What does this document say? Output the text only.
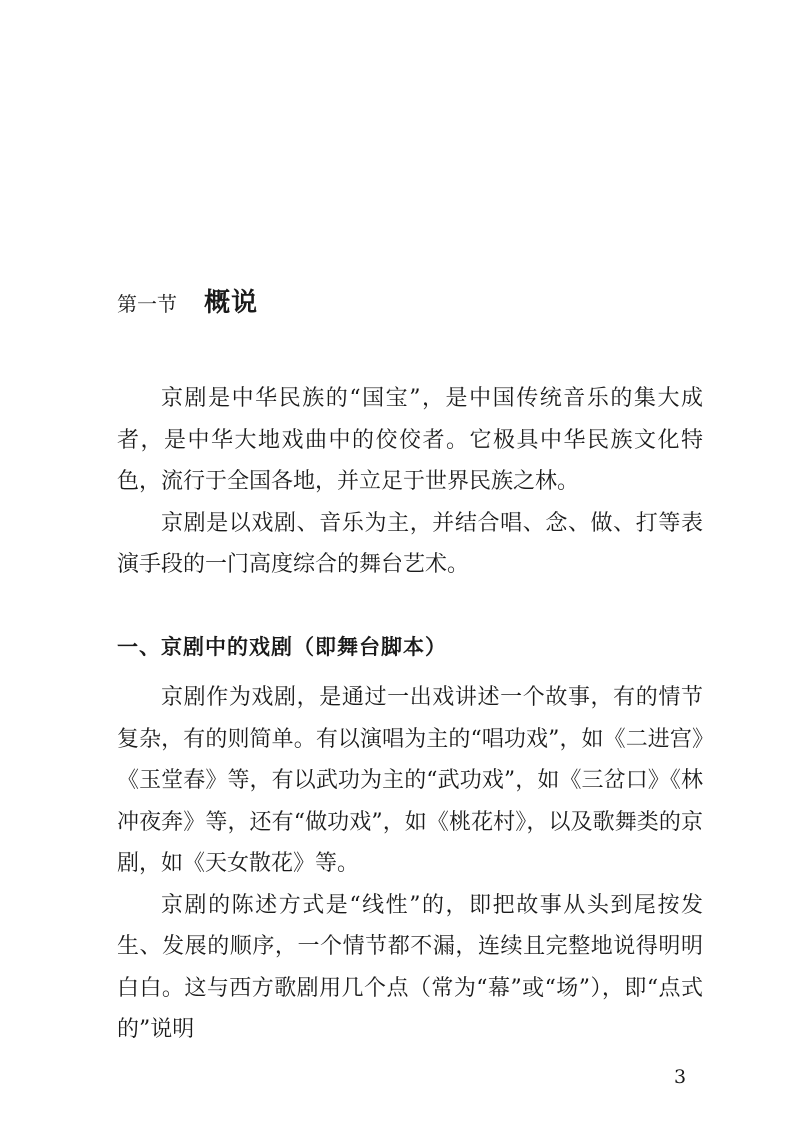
第一节 概说

京剧是中华民族的“国宝”，是中国传统音乐的集大成者，是中华大地戏曲中的佼佼者。它极具中华民族文化特色，流行于全国各地，并立足于世界民族之林。

京剧是以戏剧、音乐为主，并结合唱、念、做、打等表演手段的一门高度综合的舞台艺术。

一、京剧中的戏剧（即舞台脚本）

京剧作为戏剧，是通过一出戏讲述一个故事，有的情节复杂，有的则简单。有以演唱为主的“唱功戏”，如《二进宫》《玉堂春》等，有以武功为主的“武功戏”，如《三岔口》《林冲夜奔》等，还有“做功戏”，如《桃花村》，以及歌舞类的京剧，如《天女散花》等。

京剧的陈述方式是“线性”的，即把故事从头到尾按发生、发展的顺序，一个情节都不漏，连续且完整地说得明明白白。这与西方歌剧用几个点（常为“幕”或“场”），即“点式的”说明

3
